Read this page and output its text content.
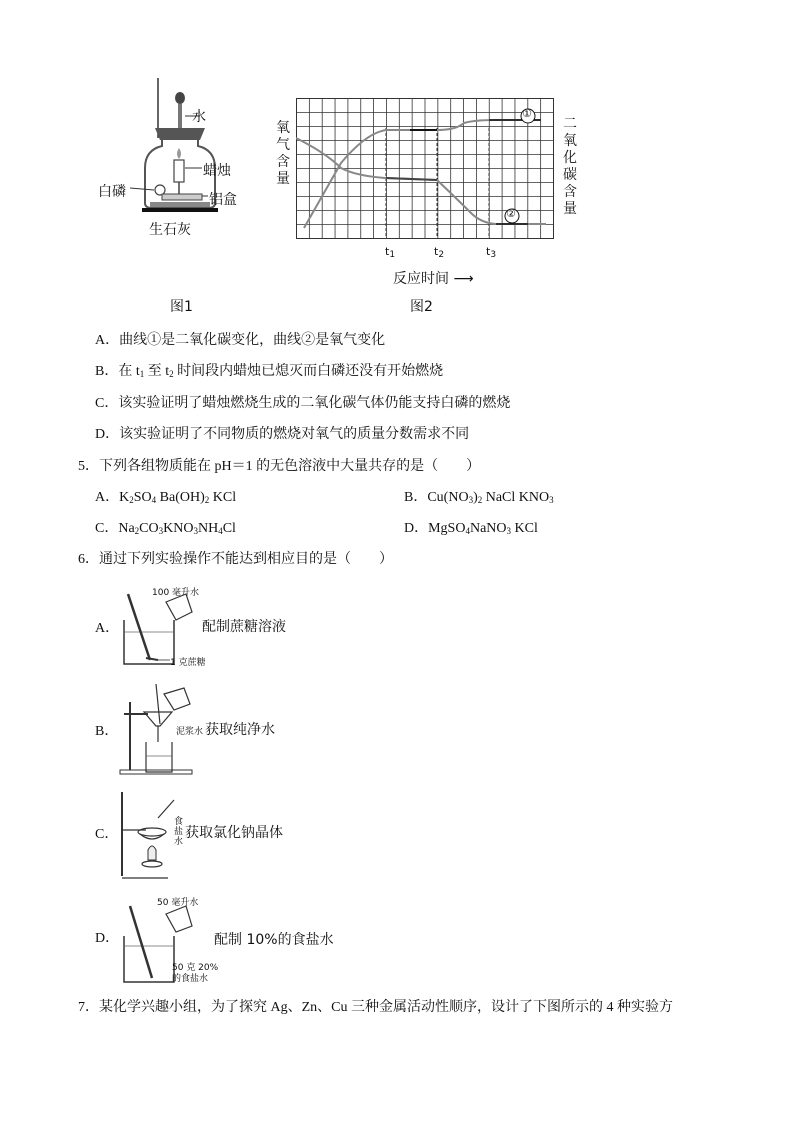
水
蜡烛
白磷	铝盒
生石灰
图1
①
②
氧气含量
二氧化碳含量
$t_1$	$t_2$	$t_3$
反应时间 ⟶
图2
A．曲线①是二氧化碳变化，曲线②是氧气变化
B．在 $t_1$ 至 $t_2$ 时间段内蜡烛已熄灭而白磷还没有开始燃烧
C．该实验证明了蜡烛燃烧生成的二氧化碳气体仍能支持白磷的燃烧
D．该实验证明了不同物质的燃烧对氧气的质量分数需求不同
5．下列各组物质能在 pH＝1 的无色溶液中大量共存的是（　　）
A．$K_2SO_4$ $Ba(OH)_2$ KCl	B．$Cu(NO_3)_2$ NaCl $KNO_3$
C．$Na_2CO_3KNO_3NH_4Cl$	D．MgSO$_4$NaNO$_3$ KCl
6．通过下列实验操作不能达到相应目的是（　　）
A．
100 毫升水
1 克蔗糖
配制蔗糖溶液
B．	泥浆水 获取纯净水
C．
食
盐
水
获取氯化钠晶体
D．
50 毫升水
50 克 20%
的食盐水
配制 10%的食盐水
7．某化学兴趣小组，为了探究 Ag、Zn、Cu 三种金属活动性顺序，设计了下图所示的 4 种实验方
